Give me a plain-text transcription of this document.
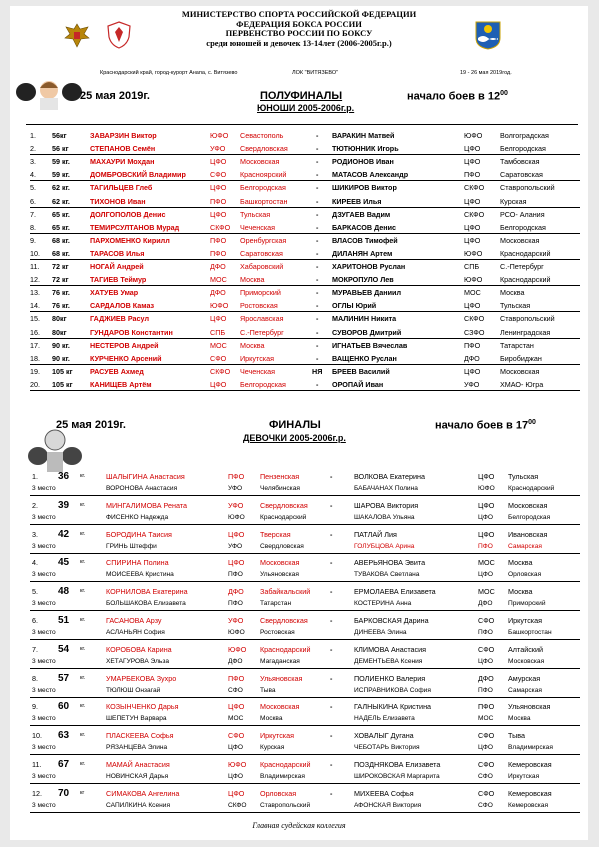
МИНИСТЕРСТВО СПОРТА РОССИЙСКОЙ ФЕДЕРАЦИИ
ФЕДЕРАЦИЯ БОКСА РОССИИ
ПЕРВЕНСТВО РОССИИ ПО БОКСУ
среди юношей и девочек 13-14лет (2006-2005г.р.)
Краснодарский край, город-курорт Анапа, с. Витязево	ЛОК "ВИТЯЗЕВО"	19 - 26 мая 2019год.
25 мая 2019г.	ПОЛУФИНАЛЫ
ЮНОШИ 2005-2006г.р.
начало боев в $12^{00}$
1. 56кг	ЗАВАРЗИН Виктор	ЮФО Севастополь	- ВАРАКИН Матвей	ЮФО Волгоградская
2. 56 кг	СТЕПАНОВ Семён	УФО Свердловская	- ТЮТЮННИК Игорь	ЦФО	Белгородская
3. 59 кг.	МАХАУРИ Мохдан	ЦФО Московская	- РОДИОНОВ Иван	ЦФО	Тамбовская
4. 59 кг.	ДОМБРОВСКИЙ Владимир	СФО Красноярский	- МАТАСОВ Александр	ПФО	Саратовская
5. 62 кг.	ТАГИЛЬЦЕВ Глеб	ЦФО Белгородская	- ШИКИРОВ Виктор	СКФО Ставропольский
6. 62 кг.	ТИХОНОВ Иван	ПФО Башкортостан	- КИРЕЕВ Илья	ЦФО	Курская
7. 65 кг.	ДОЛГОПОЛОВ Денис	ЦФО Тульская	- ДЗУГАЕВ Вадим	СКФО РСО- Алания
8. 65 кг.	ТЕМИРСУЛТАНОВ Мурад	СКФО Чеченская	- БАРКАСОВ Денис	ЦФО	Белгородская
9. 68 кг.	ПАРХОМЕНКО Кирилл	ПФО Оренбургская	- ВЛАСОВ Тимофей	ЦФО	Московская
10. 68 кг.	ТАРАСОВ Илья	ПФО Саратовская	- ДИЛАНЯН Артем	ЮФО Краснодарский
11. 72 кг	НОГАЙ Андрей	ДФО Хабаровский	- ХАРИТОНОВ Руслан	СПБ	С.-Петербург
12. 72 кг	ТАГИЕВ Теймур	МОС Москва	- МОКРОПУЛО Лев	ЮФО Краснодарский
13. 76 кг.	ХАТУЕВ Умар	ДФО Приморский	- МУРАВЬЕВ Даниил	МОС	Москва
14. 76 кг.	САРДАЛОВ Камаз	ЮФО Ростовская	- ОГЛЫ Юрий	ЦФО	Тульская
15. 80кг	ГАДЖИЕВ Расул	ЦФО Ярославская	- МАЛИНИН Никита	СКФО Ставропольский
16. 80кг	ГУНДАРОВ Константин	СПБ С.-Петербург	- СУВОРОВ Дмитрий	СЗФО Ленинградская
17. 90 кг.	НЕСТЕРОВ Андрей	МОС Москва	- ИГНАТЬЕВ Вячеслав	ПФО	Татарстан
18. 90 кг.	КУРЧЕНКО Арсений	СФО Иркутская	- ВАЩЕНКО Руслан	ДФО	Биробиджан
19. 105 кг РАСУЕВ Ахмед	СКФО Чеченская	НЯ БРЕЕВ Василий	ЦФО	Московская
20. 105 кг КАНИЩЕВ Артём	ЦФО Белгородская	- ОРОПАЙ Иван	УФО	ХМАО- Югра
25 мая 2019г.	ФИНАЛЫ
ДЕВОЧКИ 2005-2006г.р.
начало боев в $17^{00}$
1. 36 кг.	ШАЛЫГИНА Анастасия	ПФО Пензенская	-	ВОЛКОВА Екатерина	ЦФО Тульская
3 место	ВОРОНОВА Анастасия	УФО	Челябинская	БАБАЧАНАХ Полина	ЮФО Краснодарский
2. 39 кг.	МИНГАЛИМОВА Рената	УФО Свердловская	-	ШАРОВА Виктория	ЦФО Московская
3 место	ФИСЕНКО Надежда	ЮФО Краснодарский	ШАКАЛОВА Ульяна	ЦФО Белгородская
3. 42 кг.	БОРОДИНА Таисия	ЦФО Тверская	-	ПАТЛАЙ Лия	ЦФО Ивановская
3 место	ГРИНЬ Штеффи	УФО	Свердловская	ГОЛУБЦОВА Арина	ПФО Самарская
4. 45 кг.	СПИРИНА Полина	ЦФО Московская	-	АВЕРЬЯНОВА Эвита	МОС Москва
3 место	МОИСЕЕВА Кристина	ПФО	Ульяновская	ТУВАКОВА Светлана	ЦФО Орловская
5. 48 кг.	КОРНИЛОВА Екатерина	ДФО Забайкальский	-	ЕРМОЛАЕВА Елизавета	МОС Москва
3 место	БОЛЬШАКОВА Елизавета	ПФО	Татарстан	КОСТЕРИНА Анна	ДФО Приморский
6. 51 кг.	ГАСАНОВА Арзу	УФО Свердловская	-	БАРКОВСКАЯ Дарина	СФО Иркутская
3 место	АСЛАНЬЯН София	ЮФО Ростовская	ДИНЕЕВА Элина	ПФО Башкортостан
7. 54 кг.	КОРОБОВА Карина	ЮФО Краснодарский	-	КЛИМОВА Анастасия	СФО Алтайский
3 место	ХЕТАГУРОВА Эльза	ДФО	Магаданская	ДЕМЕНТЬЕВА Ксения	ЦФО Московская
8. 57 кг.	УМАРБЕКОВА Зухро	ПФО Ульяновская	-	ПОЛИЕНКО Валерия	ДФО Амурская
3 место	ТЮЛЮШ Онзагай	СФО	Тыва	ИСПРАВНИКОВА София	ПФО Самарская
9. 60 кг.	КОЗЫНЧЕНКО Дарья	ЦФО Московская	-	ГАЛНЫКИНА Кристина	ПФО Ульяновская
3 место	ШЕПЕТУН Варвара	МОС	Москва	НАДЕЛЬ Елизавета	МОС Москва
10. 63 кг.	ПЛАСКЕЕВА Софья	СФО Иркутская	-	ХОВАЛЫГ Дугана	СФО Тыва
3 место	РЯЗАНЦЕВА Элина	ЦФО	Курская	ЧЕБОТАРЬ Виктория	ЦФО Владимирская
11. 67 кг.	МАМАЙ Анастасия	ЮФО Краснодарский	-	ПОЗДНЯКОВА Елизавета	СФО Кемеровская
3 место	НОВИНСКАЯ Дарья	ЦФО	Владимирская	ШИРОКОВСКАЯ Маргарита	СФО Иркутская
12. 70 кг	СИМАКОВА Ангелина	ЦФО Орловская	-	МИХЕЕВА Софья	СФО Кемеровская
3 место	САПИЛКИНА Ксения	СКФО Ставропольский	АФОНСКАЯ Виктория	СФО Кемеровская
Главная судейская коллегия
